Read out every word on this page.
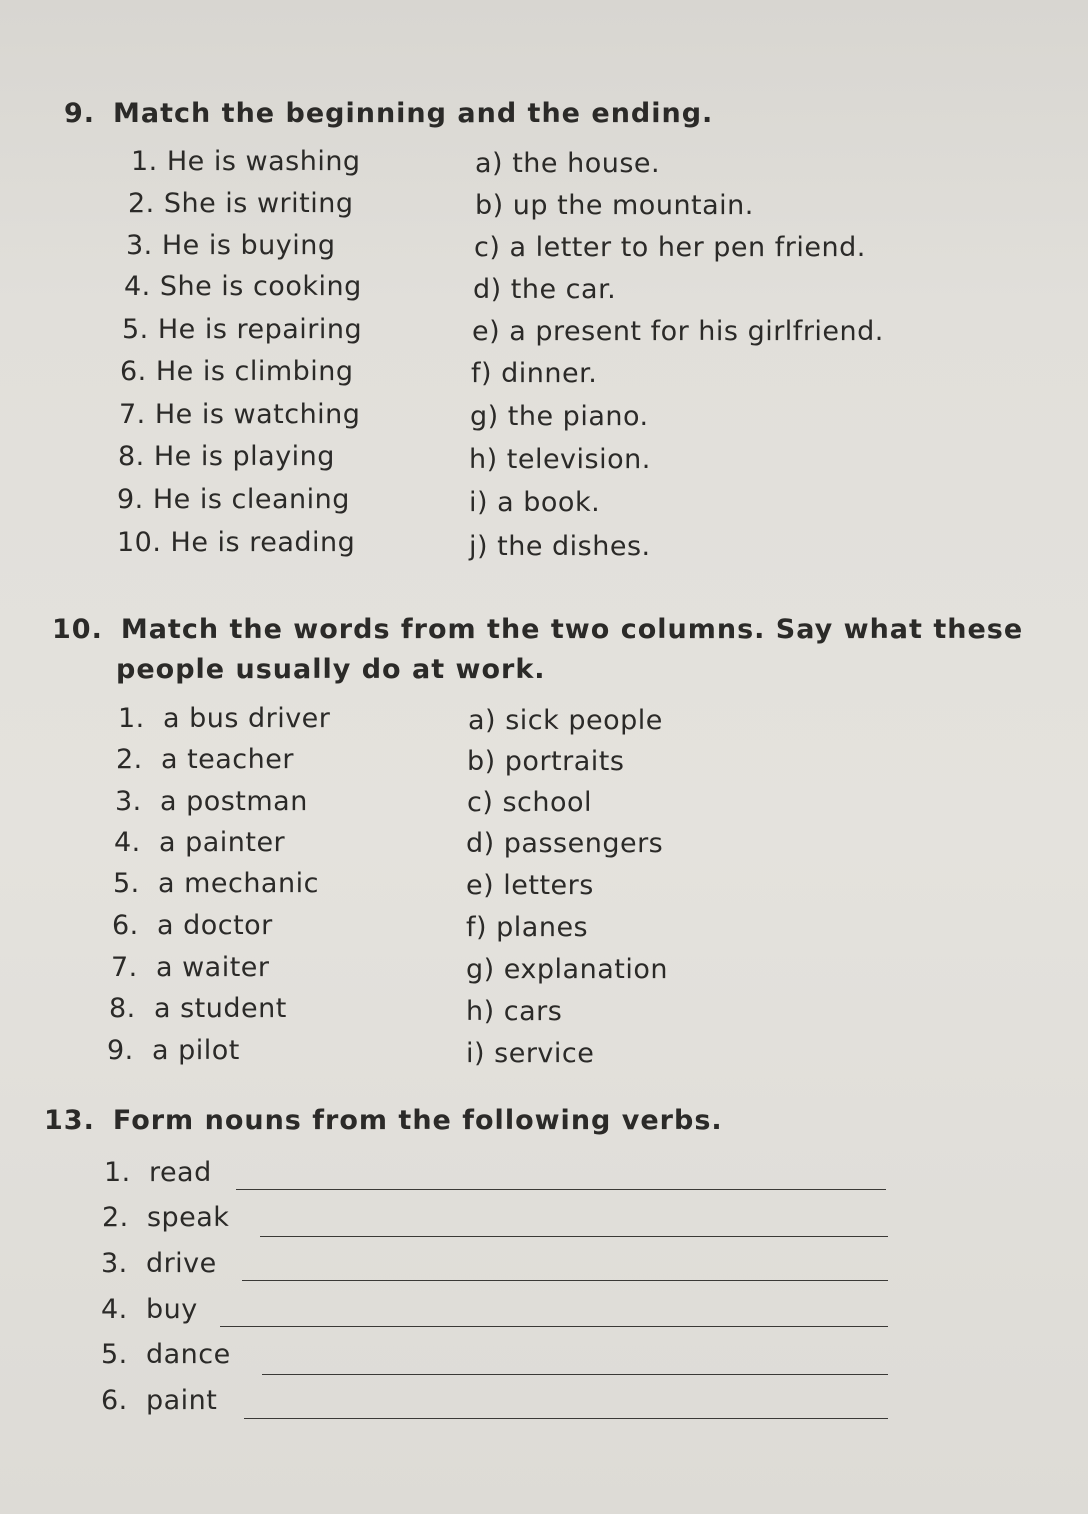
9. Match the beginning and the ending.
1. He is washing
2. She is writing
3. He is buying
4. She is cooking
5. He is repairing
6. He is climbing
7. He is watching
8. He is playing
9. He is cleaning
10. He is reading
a) the house.
b) up the mountain.
c) a letter to her pen friend.
d) the car.
e) a present for his girlfriend.
f) dinner.
g) the piano.
h) television.
i) a book.
j) the dishes.
10. Match the words from the two columns. Say what these
people usually do at work.
1. a bus driver
2. a teacher
3. a postman
4. a painter
5. a mechanic
6. a doctor
7. a waiter
8. a student
9. a pilot
a) sick people
b) portraits
c) school
d) passengers
e) letters
f) planes
g) explanation
h) cars
i) service
13. Form nouns from the following verbs.
1. read
2. speak
3. drive
4. buy
5. dance
6. paint
